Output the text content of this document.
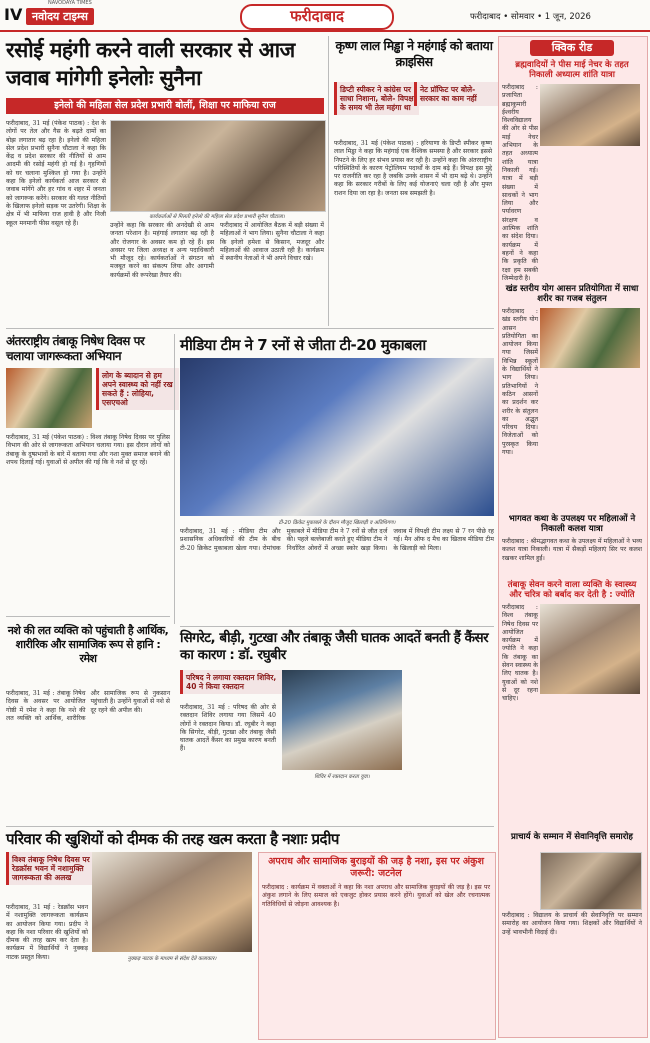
IV नवोदय टाइम्स
NAVODAYA TIMES
फरीदाबाद	फरीदाबाद • सोमवार • 1 जून, 2026
रसोई महंगी करने वाली सरकार से आज जवाब मांगेगी इनेलोः सुनैना
इनेलो की महिला सेल प्रदेश प्रभारी बोलीं, शिक्षा पर माफिया राज
फरीदाबाद, 31 मई (पंकेश पाठक) : देश के लोगों पर तेल और गैस के बढ़ते दामों का बोझ लगातार बढ़ रहा है। इनेलो की महिला सेल प्रदेश प्रभारी सुनैना चौटाला ने कहा कि केंद्र व प्रदेश सरकार की नीतियों से आम आदमी की रसोई महंगी हो गई है। गृहणियों को घर चलाना मुश्किल हो गया है। उन्होंने कहा कि इनेलो कार्यकर्ता आज सरकार से जवाब मांगेंगे और हर गांव व शहर में जनता को जागरूक करेंगे। सरकार की गलत नीतियों के खिलाफ इनेलो सड़क पर उतरेगी। शिक्षा के क्षेत्र में भी माफिया राज हावी है और निजी स्कूल मनमानी फीस वसूल रहे हैं।
कार्यकर्ताओं से मिलती इनेलो की महिला सेल प्रदेश प्रभारी सुनैना चौटाला।
उन्होंने कहा कि सरकार की अनदेखी से आम जनता परेशान है। महंगाई लगातार बढ़ रही है और रोजगार के अवसर कम हो रहे हैं। इस अवसर पर जिला अध्यक्ष व अन्य पदाधिकारी भी मौजूद रहे। कार्यकर्ताओं ने संगठन को मजबूत करने का संकल्प लिया और आगामी कार्यक्रमों की रूपरेखा तैयार की।
फरीदाबाद में आयोजित बैठक में बड़ी संख्या में महिलाओं ने भाग लिया। सुनैना चौटाला ने कहा कि इनेलो हमेशा से किसान, मजदूर और महिलाओं की आवाज उठाती रही है। कार्यक्रम में स्थानीय नेताओं ने भी अपने विचार रखे।
कृष्ण लाल मिड्ढा ने महंगाई को बताया क्राइसिस
डिप्टी स्पीकर ने कांग्रेस पर साधा निशाना, बोले- विपक्ष के समय भी तेल महंगा था
नेट प्रॉफिट पर बोले- सरकार का काम नहीं
फरीदाबाद, 31 मई (पंकेश पाठक) : हरियाणा के डिप्टी स्पीकर कृष्ण लाल मिड्ढा ने कहा कि महंगाई एक वैश्विक समस्या है और सरकार इससे निपटने के लिए हर संभव प्रयास कर रही है। उन्होंने कहा कि अंतरराष्ट्रीय परिस्थितियों के कारण पेट्रोलियम पदार्थों के दाम बढ़े हैं। विपक्ष इस मुद्दे पर राजनीति कर रहा है जबकि उनके शासन में भी दाम बढ़े थे। उन्होंने कहा कि सरकार गरीबों के लिए कई योजनाएं चला रही है और मुफ्त राशन दिया जा रहा है। जनता सब समझती है।
क्विक रीड
ब्रह्मवादियों ने पीस माई नेचर के तहत निकाली अध्यात्म शांति यात्रा
फरीदाबाद : प्रजापिता ब्रह्माकुमारी ईश्वरीय विश्वविद्यालय की ओर से पीस माई नेचर अभियान के तहत अध्यात्म शांति यात्रा निकाली गई। यात्रा में बड़ी संख्या में साधकों ने भाग लिया और पर्यावरण संरक्षण व आत्मिक शांति का संदेश दिया। कार्यक्रम में बहनों ने कहा कि प्रकृति की रक्षा हम सबकी जिम्मेदारी है।
खंड स्तरीय योग आसन प्रतियोगिता में साधा शरीर का गजब संतुलन
फरीदाबाद : खंड स्तरीय योग आसन प्रतियोगिता का आयोजन किया गया जिसमें विभिन्न स्कूलों के विद्यार्थियों ने भाग लिया। प्रतिभागियों ने कठिन आसनों का प्रदर्शन कर शरीर के संतुलन का अद्भुत परिचय दिया। विजेताओं को पुरस्कृत किया गया।
भागवत कथा के उपलक्ष्य पर महिलाओं ने निकाली कलश यात्रा
फरीदाबाद : श्रीमद्भागवत कथा के उपलक्ष्य में महिलाओं ने भव्य कलश यात्रा निकाली। यात्रा में सैकड़ों महिलाएं सिर पर कलश रखकर शामिल हुईं।
तंबाकू सेवन करने वाला व्यक्ति के स्वास्थ्य और चरित्र को बर्बाद कर देती है : ज्योति
फरीदाबाद : विश्व तंबाकू निषेध दिवस पर आयोजित कार्यक्रम में ज्योति ने कहा कि तंबाकू का सेवन स्वास्थ्य के लिए घातक है। युवाओं को नशे से दूर रहना चाहिए।
प्राचार्य के सम्मान में सेवानिवृत्ति समारोह
फरीदाबाद : विद्यालय के प्राचार्य की सेवानिवृत्ति पर सम्मान समारोह का आयोजन किया गया। शिक्षकों और विद्यार्थियों ने उन्हें भावभीनी विदाई दी।
अंतरराष्ट्रीय तंबाकू निषेध दिवस पर चलाया जागरूकता अभियान
लोग के ब्यादान से हम अपने स्वास्थ्य को नहीं रख सकते हैं : लोहिया, एसएचओ
फरीदाबाद, 31 मई (पंकेश पाठक) : विश्व तंबाकू निषेध दिवस पर पुलिस विभाग की ओर से जागरूकता अभियान चलाया गया। इस दौरान लोगों को तंबाकू के दुष्प्रभावों के बारे में बताया गया और नशा मुक्त समाज बनाने की शपथ दिलाई गई। युवाओं से अपील की गई कि वे नशे से दूर रहें।
मीडिया टीम ने 7 रनों से जीता टी-20 मुकाबला
टी-20 क्रिकेट मुकाबले के दौरान मौजूद खिलाड़ी व अतिथिगण।
फरीदाबाद, 31 मई : मीडिया टीम और प्रशासनिक अधिकारियों की टीम के बीच टी-20 क्रिकेट मुकाबला खेला गया। रोमांचक मुकाबले में मीडिया टीम ने 7 रनों से जीत दर्ज की। पहले बल्लेबाजी करते हुए मीडिया टीम ने निर्धारित ओवरों में अच्छा स्कोर खड़ा किया। जवाब में विपक्षी टीम लक्ष्य से 7 रन पीछे रह गई। मैन ऑफ द मैच का खिताब मीडिया टीम के खिलाड़ी को मिला।
नशे की लत व्यक्ति को पहुंचाती है आर्थिक, शारीरिक और सामाजिक रूप से हानि : रमेश
फरीदाबाद, 31 मई : तंबाकू निषेध दिवस के अवसर पर आयोजित गोष्ठी में रमेश ने कहा कि नशे की लत व्यक्ति को आर्थिक, शारीरिक और सामाजिक रूप से नुकसान पहुंचाती है। उन्होंने युवाओं से नशे से दूर रहने की अपील की।
सिगरेट, बीड़ी, गुटखा और तंबाकू जैसी घातक आदतें बनती हैं कैंसर का कारण : डॉ. रघुबीर
परिषद ने लगाया रक्तदान शिविर, 40 ने किया रक्तदान
फरीदाबाद, 31 मई : परिषद की ओर से रक्तदान शिविर लगाया गया जिसमें 40 लोगों ने रक्तदान किया। डॉ. रघुबीर ने कहा कि सिगरेट, बीड़ी, गुटखा और तंबाकू जैसी घातक आदतें कैंसर का प्रमुख कारण बनती हैं।
शिविर में रक्तदान करता युवा।
परिवार की खुशियों को दीमक की तरह खत्म करता है नशाः प्रदीप
विश्व तंबाकू निषेध दिवस पर रेडक्रॉस भवन में नशामुक्ति जागरूकता की अलख
फरीदाबाद, 31 मई : रेडक्रॉस भवन में नशामुक्ति जागरूकता कार्यक्रम का आयोजन किया गया। प्रदीप ने कहा कि नशा परिवार की खुशियों को दीमक की तरह खत्म कर देता है। कार्यक्रम में विद्यार्थियों ने नुक्कड़ नाटक प्रस्तुत किया।	नुक्कड़ नाटक के माध्यम से संदेश देते कलाकार।
अपराध और सामाजिक बुराइयों की जड़ है नशा, इस पर अंकुश जरूरी: जटनेल
फरीदाबाद : कार्यक्रम में वक्ताओं ने कहा कि नशा अपराध और सामाजिक बुराइयों की जड़ है। इस पर अंकुश लगाने के लिए समाज को एकजुट होकर प्रयास करने होंगे। युवाओं को खेल और रचनात्मक गतिविधियों से जोड़ना आवश्यक है।
